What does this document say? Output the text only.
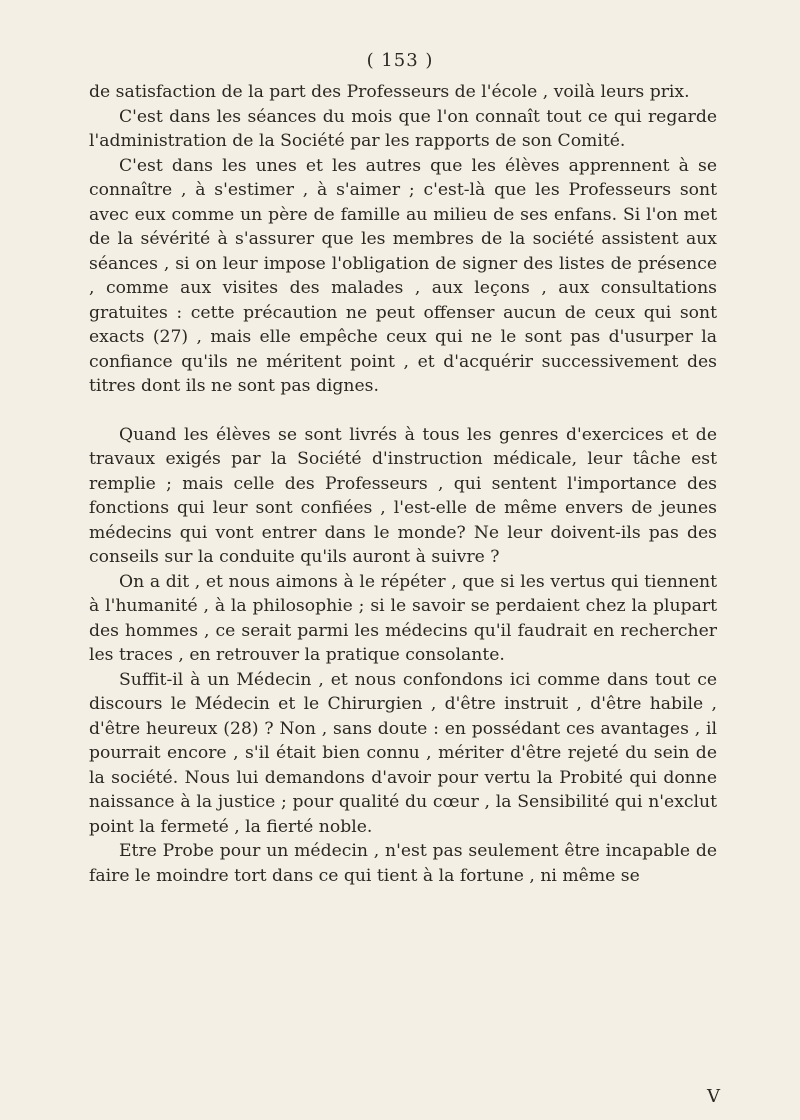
( 153 )

de satisfaction de la part des Professeurs de l'école , voilà leurs prix.

C'est dans les séances du mois que l'on connaît tout ce qui regarde l'administration de la Société par les rapports de son Comité.

C'est dans les unes et les autres que les élèves apprennent à se connaître , à s'estimer , à s'aimer ; c'est-là que les Professeurs sont avec eux comme un père de famille au milieu de ses enfans. Si l'on met de la sévérité à s'assurer que les membres de la société assistent aux séances , si on leur impose l'obligation de signer des listes de présence , comme aux visites des malades , aux leçons , aux consultations gratuites : cette précaution ne peut offenser aucun de ceux qui sont exacts (27) , mais elle empêche ceux qui ne le sont pas d'usurper la confiance qu'ils ne méritent point , et d'acquérir successivement des titres dont ils ne sont pas dignes.

Quand les élèves se sont livrés à tous les genres d'exercices et de travaux exigés par la Société d'instruction médicale, leur tâche est remplie ; mais celle des Professeurs , qui sentent l'importance des fonctions qui leur sont confiées , l'est-elle de même envers de jeunes médecins qui vont entrer dans le monde? Ne leur doivent-ils pas des conseils sur la conduite qu'ils auront à suivre ?

On a dit , et nous aimons à le répéter , que si les vertus qui tiennent à l'humanité , à la philosophie ; si le savoir se perdaient chez la plupart des hommes , ce serait parmi les médecins qu'il faudrait en rechercher les traces , en retrouver la pratique consolante.

Suffit-il à un Médecin , et nous confondons ici comme dans tout ce discours le Médecin et le Chirurgien , d'être instruit , d'être habile , d'être heureux (28) ? Non , sans doute : en possédant ces avantages , il pourrait encore , s'il était bien connu , mériter d'être rejeté du sein de la société. Nous lui demandons d'avoir pour vertu la Probité qui donne naissance à la justice ; pour qualité du cœur , la Sensibilité qui n'exclut point la fermeté , la fierté noble.

Etre Probe pour un médecin , n'est pas seulement être incapable de faire le moindre tort dans ce qui tient à la fortune , ni même se

V
